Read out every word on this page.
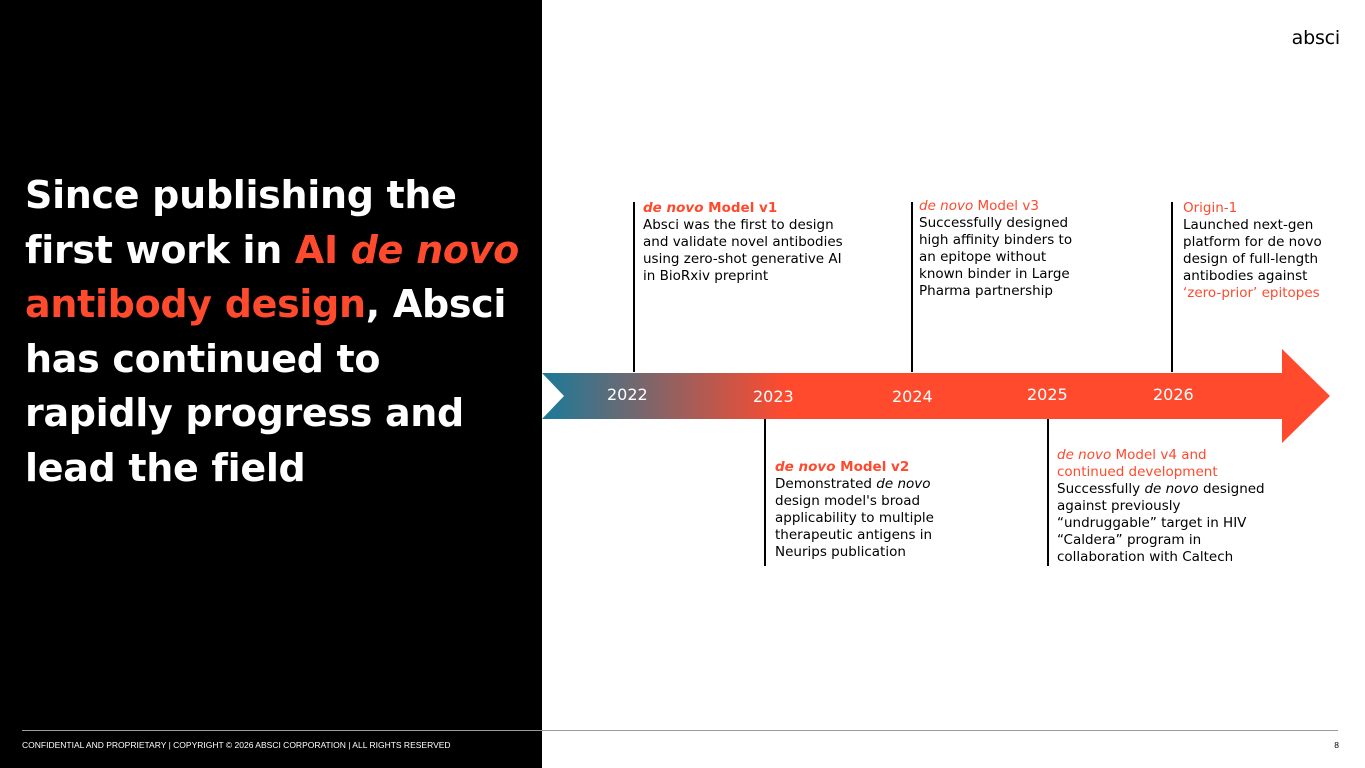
Since publishing the first work in AI de novo antibody design, Absci has continued to rapidly progress and lead the field
absci
2022	2023	2024	2025	2026
de novo Model v1
Absci was the first to design and validate novel antibodies using zero-shot generative AI in BioRxiv preprint
de novo Model v3
Successfully designed high affinity binders to an epitope without known binder in Large Pharma partnership
Origin-1
Launched next-gen platform for de novo design of full-length antibodies against ‘zero-prior’ epitopes
de novo Model v2
Demonstrated de novo design model's broad applicability to multiple therapeutic antigens in Neurips publication
de novo Model v4 and continued development
Successfully de novo designed against previously “undruggable” target in HIV “Caldera” program in collaboration with Caltech
CONFIDENTIAL AND PROPRIETARY | COPYRIGHT © 2026 ABSCI CORPORATION | ALL RIGHTS RESERVED	8
